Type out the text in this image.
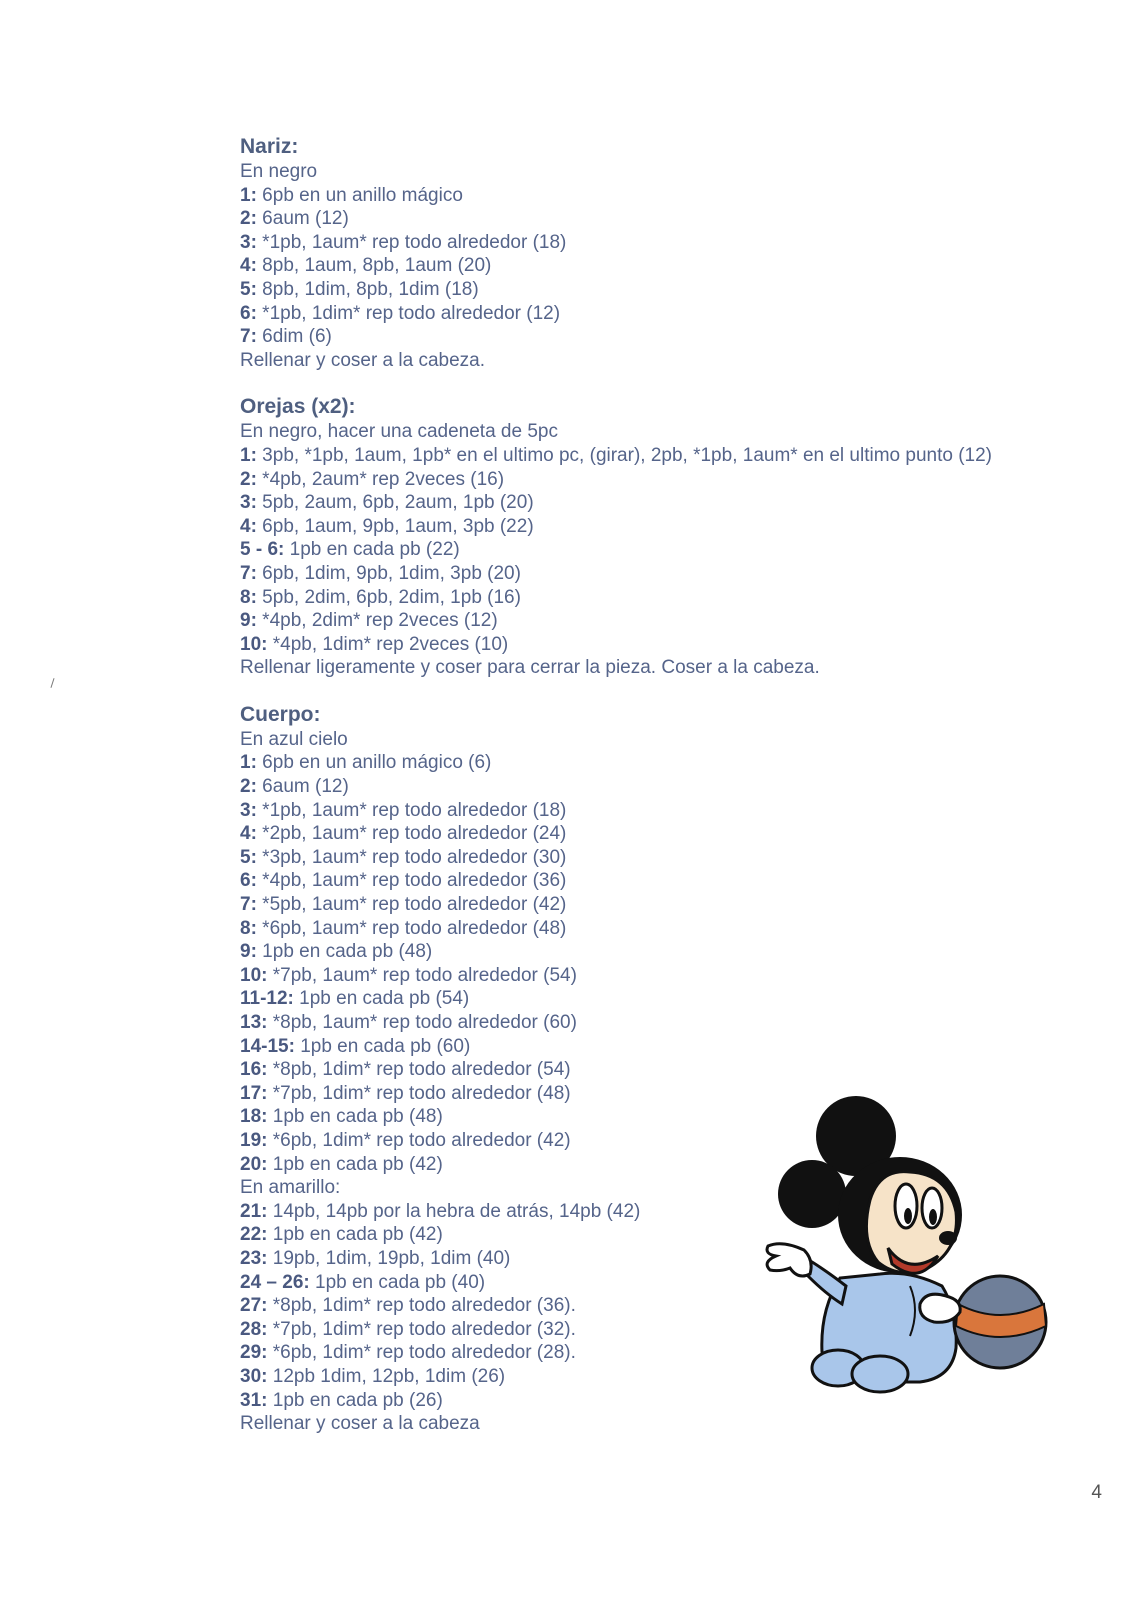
Nariz:
En negro
1: 6pb en un anillo mágico
2: 6aum (12)
3: *1pb, 1aum* rep todo alrededor (18)
4: 8pb, 1aum, 8pb, 1aum (20)
5: 8pb, 1dim, 8pb, 1dim (18)
6: *1pb, 1dim* rep todo alrededor (12)
7: 6dim (6)
Rellenar y coser a la cabeza.
Orejas (x2):
En negro, hacer una cadeneta de 5pc
1: 3pb, *1pb, 1aum, 1pb* en el ultimo pc, (girar), 2pb, *1pb, 1aum* en el ultimo punto (12)
2: *4pb, 2aum* rep 2veces (16)
3: 5pb, 2aum, 6pb, 2aum, 1pb (20)
4: 6pb, 1aum, 9pb, 1aum, 3pb (22)
5 - 6: 1pb en cada pb (22)
7: 6pb, 1dim, 9pb, 1dim, 3pb (20)
8: 5pb, 2dim, 6pb, 2dim, 1pb (16)
9: *4pb, 2dim* rep 2veces (12)
10: *4pb, 1dim* rep 2veces (10)
Rellenar ligeramente y coser para cerrar la pieza. Coser a la cabeza.
Cuerpo:
En azul cielo
1: 6pb en un anillo mágico (6)
2: 6aum (12)
3: *1pb, 1aum* rep todo alrededor (18)
4: *2pb, 1aum* rep todo alrededor (24)
5: *3pb, 1aum* rep todo alrededor (30)
6: *4pb, 1aum* rep todo alrededor (36)
7: *5pb, 1aum* rep todo alrededor (42)
8: *6pb, 1aum* rep todo alrededor (48)
9: 1pb en cada pb (48)
10: *7pb, 1aum* rep todo alrededor (54)
11-12: 1pb en cada pb (54)
13: *8pb, 1aum* rep todo alrededor (60)
14-15: 1pb en cada pb (60)
16: *8pb, 1dim* rep todo alrededor (54)
17: *7pb, 1dim* rep todo alrededor (48)
18: 1pb en cada pb (48)
19: *6pb, 1dim* rep todo alrededor (42)
20: 1pb en cada pb (42)
En amarillo:
21: 14pb, 14pb por la hebra de atrás, 14pb (42)
22: 1pb en cada pb (42)
23: 19pb, 1dim, 19pb, 1dim (40)
24 – 26: 1pb en cada pb (40)
27: *8pb, 1dim* rep todo alrededor (36).
28: *7pb, 1dim* rep todo alrededor (32).
29: *6pb, 1dim* rep todo alrededor (28).
30: 12pb 1dim, 12pb, 1dim (26)
31: 1pb en cada pb (26)
Rellenar y coser a la cabeza
4
